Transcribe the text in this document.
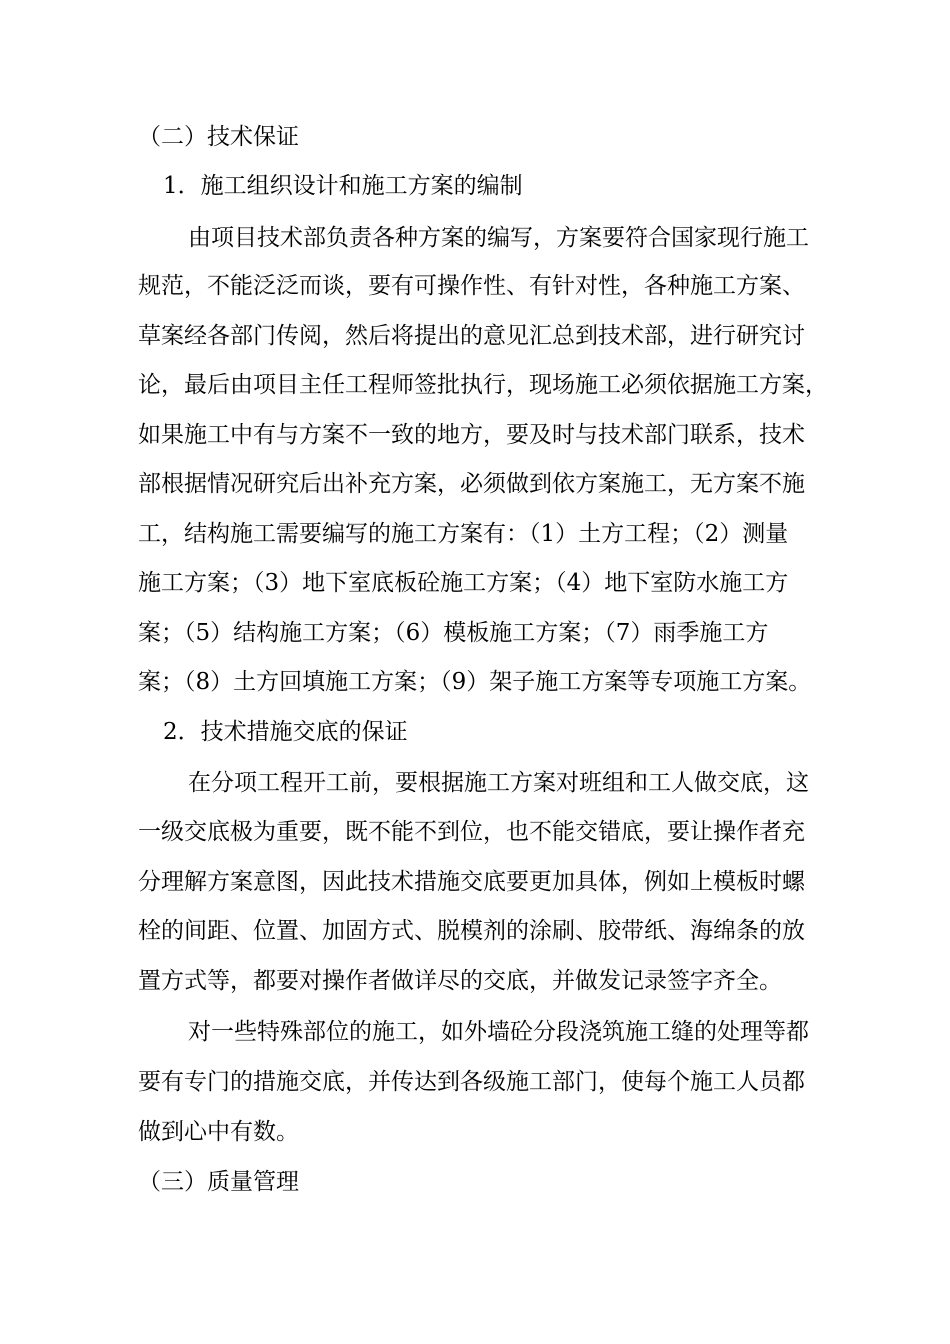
（二）技术保证
1．施工组织设计和施工方案的编制
由项目技术部负责各种方案的编写，方案要符合国家现行施工
规范，不能泛泛而谈，要有可操作性、有针对性，各种施工方案、
草案经各部门传阅，然后将提出的意见汇总到技术部，进行研究讨
论，最后由项目主任工程师签批执行，现场施工必须依据施工方案，
如果施工中有与方案不一致的地方，要及时与技术部门联系，技术
部根据情况研究后出补充方案，必须做到依方案施工，无方案不施
工，结构施工需要编写的施工方案有：（1）土方工程；（2）测量
施工方案；（3）地下室底板砼施工方案；（4）地下室防水施工方
案；（5）结构施工方案；（6）模板施工方案；（7）雨季施工方
案；（8）土方回填施工方案；（9）架子施工方案等专项施工方案。
2．技术措施交底的保证
在分项工程开工前，要根据施工方案对班组和工人做交底，这
一级交底极为重要，既不能不到位，也不能交错底，要让操作者充
分理解方案意图，因此技术措施交底要更加具体，例如上模板时螺
栓的间距、位置、加固方式、脱模剂的涂刷、胶带纸、海绵条的放
置方式等，都要对操作者做详尽的交底，并做发记录签字齐全。
对一些特殊部位的施工，如外墙砼分段浇筑施工缝的处理等都
要有专门的措施交底，并传达到各级施工部门，使每个施工人员都
做到心中有数。
（三）质量管理
